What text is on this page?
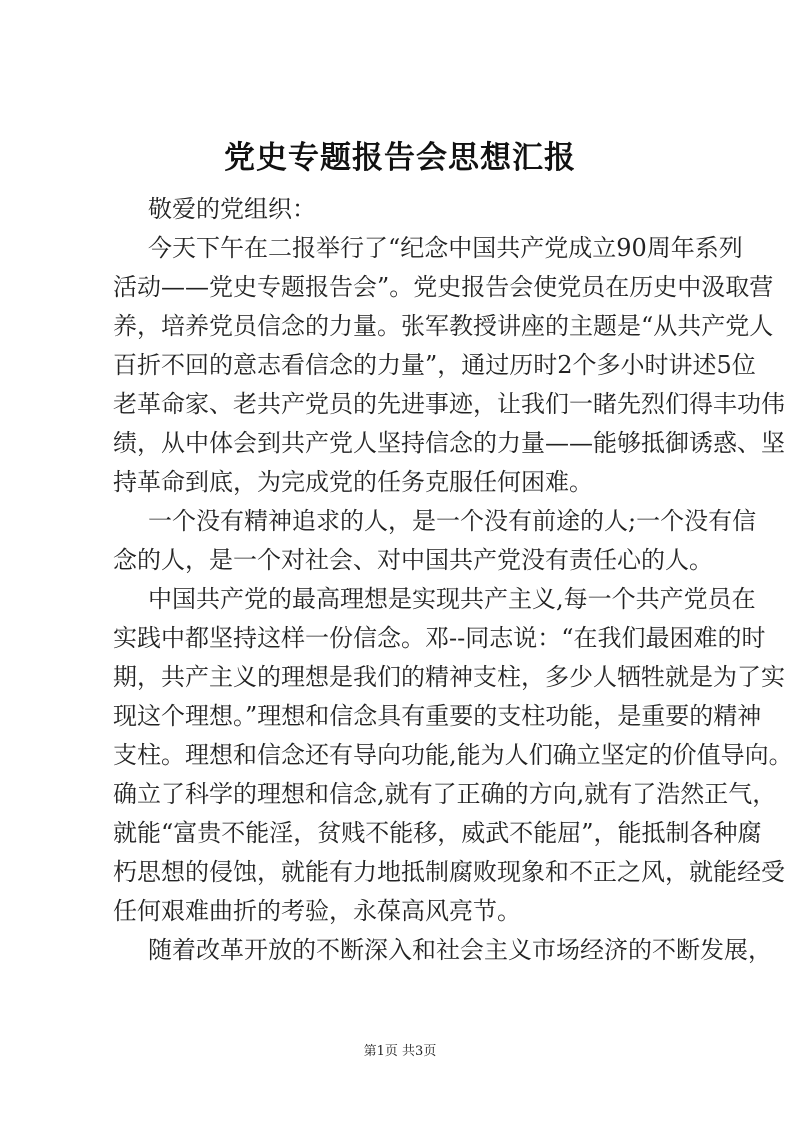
党史专题报告会思想汇报
敬爱的党组织：
今天下午在二报举行了“纪念中国共产党成立90周年系列
活动——党史专题报告会”。党史报告会使党员在历史中汲取营
养，培养党员信念的力量。张军教授讲座的主题是“从共产党人
百折不回的意志看信念的力量”，通过历时2个多小时讲述5位
老革命家、老共产党员的先进事迹，让我们一睹先烈们得丰功伟
绩，从中体会到共产党人坚持信念的力量——能够抵御诱惑、坚
持革命到底，为完成党的任务克服任何困难。
一个没有精神追求的人，是一个没有前途的人;一个没有信
念的人，是一个对社会、对中国共产党没有责任心的人。
中国共产党的最高理想是实现共产主义,每一个共产党员在
实践中都坚持这样一份信念。邓--同志说：“在我们最困难的时
期，共产主义的理想是我们的精神支柱，多少人牺牲就是为了实
现这个理想。”理想和信念具有重要的支柱功能，是重要的精神
支柱。理想和信念还有导向功能,能为人们确立坚定的价值导向。
确立了科学的理想和信念,就有了正确的方向,就有了浩然正气，
就能“富贵不能淫，贫贱不能移，威武不能屈”，能抵制各种腐
朽思想的侵蚀，就能有力地抵制腐败现象和不正之风，就能经受
任何艰难曲折的考验，永葆高风亮节。
随着改革开放的不断深入和社会主义市场经济的不断发展，
第1页 共3页
